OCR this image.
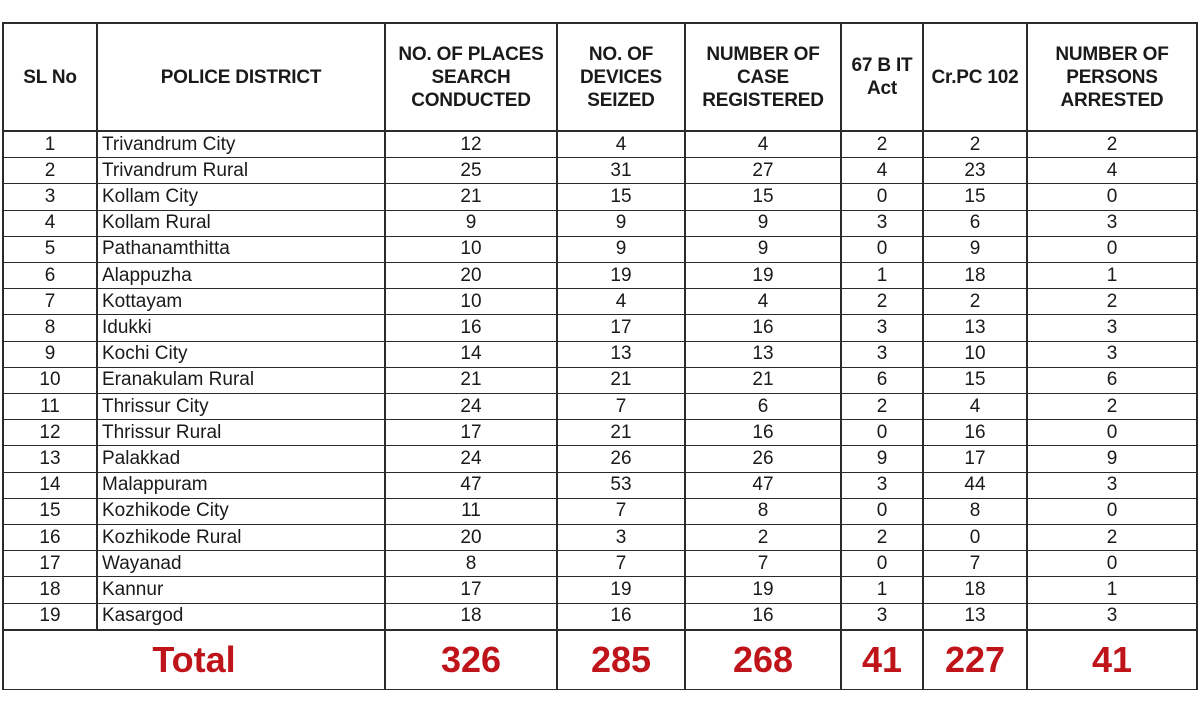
SL No	POLICE DISTRICT	NO. OF PLACES SEARCH CONDUCTED	NO. OF DEVICES SEIZED	NUMBER OF CASE REGISTERED	67 B IT Act	Cr.PC 102	NUMBER OF PERSONS ARRESTED
1	Trivandrum City	12	4	4	2	2	2
2	Trivandrum Rural	25	31	27	4	23	4
3	Kollam City	21	15	15	0	15	0
4	Kollam Rural	9	9	9	3	6	3
5	Pathanamthitta	10	9	9	0	9	0
6	Alappuzha	20	19	19	1	18	1
7	Kottayam	10	4	4	2	2	2
8	Idukki	16	17	16	3	13	3
9	Kochi City	14	13	13	3	10	3
10	Eranakulam Rural	21	21	21	6	15	6
11	Thrissur City	24	7	6	2	4	2
12	Thrissur Rural	17	21	16	0	16	0
13	Palakkad	24	26	26	9	17	9
14	Malappuram	47	53	47	3	44	3
15	Kozhikode City	11	7	8	0	8	0
16	Kozhikode Rural	20	3	2	2	0	2
17	Wayanad	8	7	7	0	7	0
18	Kannur	17	19	19	1	18	1
19	Kasargod	18	16	16	3	13	3
Total		326	285	268	41	227	41
